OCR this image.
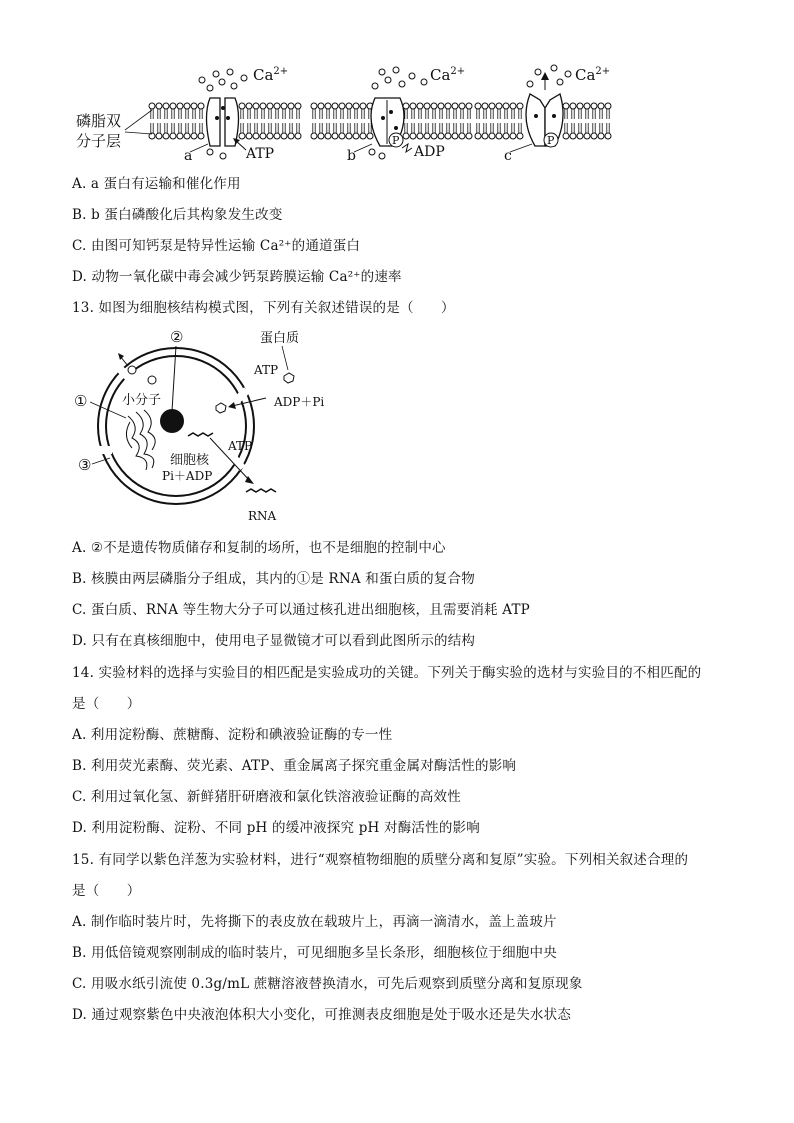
磷脂双
分子层
$Ca^{2+}$
a	ATP
P
$Ca^{2+}$
b	ADP
P
$Ca^{2+}$
c
A. a 蛋白有运输和催化作用
B. b 蛋白磷酸化后其构象发生改变
C. 由图可知钙泵是特异性运输 Ca²⁺的通道蛋白
D. 动物一氧化碳中毒会减少钙泵跨膜运输 Ca²⁺的速率
13. 如图为细胞核结构模式图，下列有关叙述错误的是（　　）
②
①
③
蛋白质
ATP
ADP＋Pi
小分子
ATP
细胞核
Pi＋ADP
RNA
A. ②不是遗传物质储存和复制的场所，也不是细胞的控制中心
B. 核膜由两层磷脂分子组成，其内的①是 RNA 和蛋白质的复合物
C. 蛋白质、RNA 等生物大分子可以通过核孔进出细胞核，且需要消耗 ATP
D. 只有在真核细胞中，使用电子显微镜才可以看到此图所示的结构
14. 实验材料的选择与实验目的相匹配是实验成功的关键。下列关于酶实验的选材与实验目的不相匹配的
是（　　）
A. 利用淀粉酶、蔗糖酶、淀粉和碘液验证酶的专一性
B. 利用荧光素酶、荧光素、ATP、重金属离子探究重金属对酶活性的影响
C. 利用过氧化氢、新鲜猪肝研磨液和氯化铁溶液验证酶的高效性
D. 利用淀粉酶、淀粉、不同 pH 的缓冲液探究 pH 对酶活性的影响
15. 有同学以紫色洋葱为实验材料，进行“观察植物细胞的质壁分离和复原”实验。下列相关叙述合理的
是（　　）
A. 制作临时装片时，先将撕下的表皮放在载玻片上，再滴一滴清水，盖上盖玻片
B. 用低倍镜观察刚制成的临时装片，可见细胞多呈长条形，细胞核位于细胞中央
C. 用吸水纸引流使 0.3g/mL 蔗糖溶液替换清水，可先后观察到质壁分离和复原现象
D. 通过观察紫色中央液泡体积大小变化，可推测表皮细胞是处于吸水还是失水状态
